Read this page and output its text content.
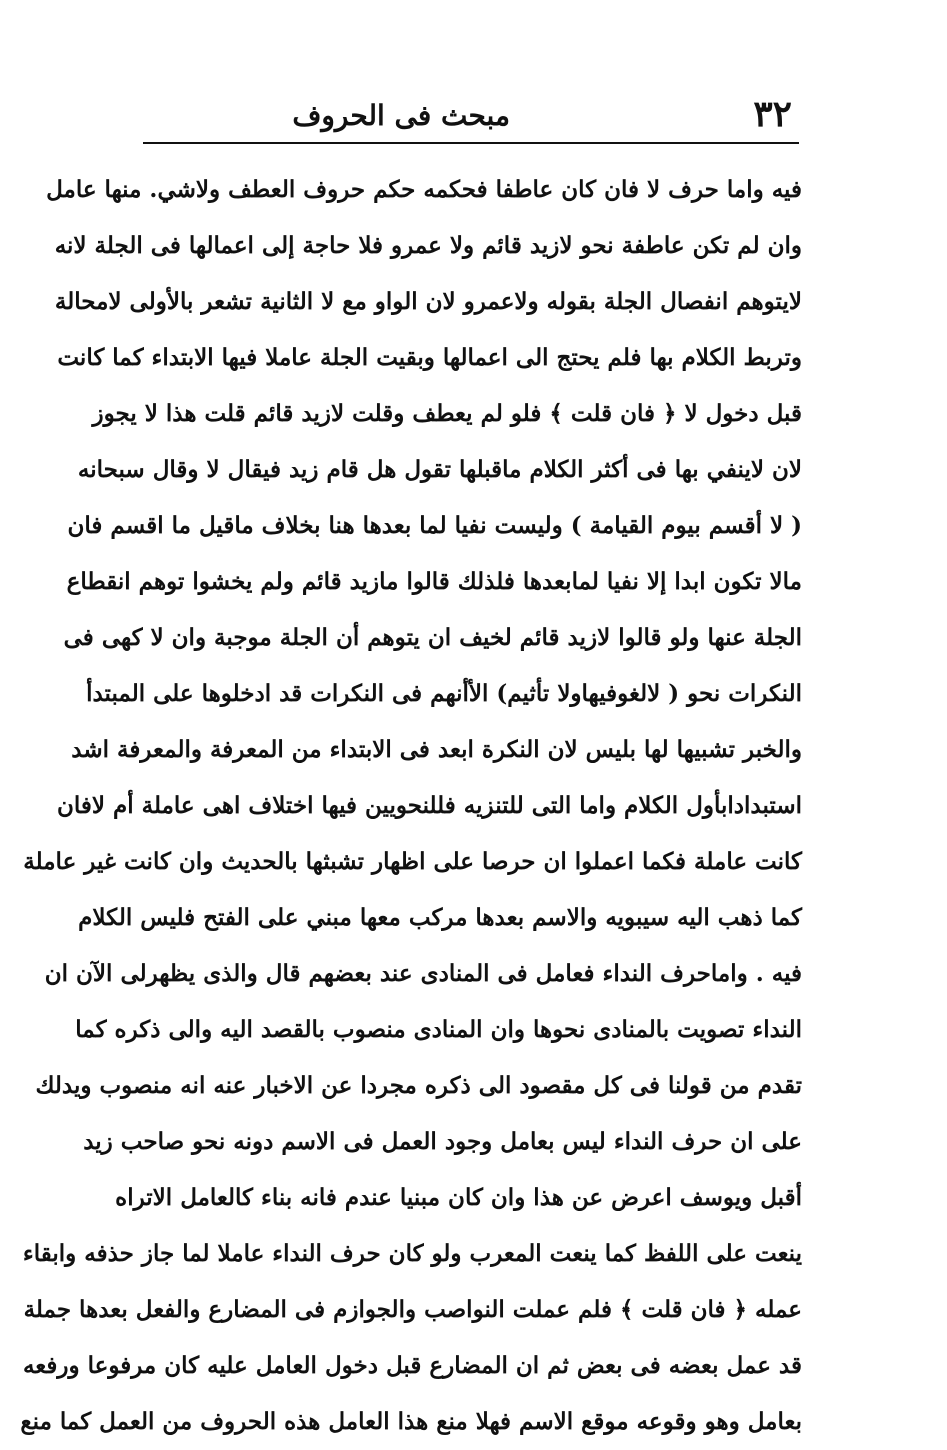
٣٢
مبحث فى الحروف
فيه واما حرف لا فان كان عاطفا فحكمه حكم حروف العطف ولاشي. منها عامل
وان لم تكن عاطفة نحو لازيد قائم ولا عمرو فلا حاجة إلى اعمالها فى الجلة لانه
لايتوهم انفصال الجلة بقوله ولاعمرو لان الواو مع لا الثانية تشعر بالأولى لامحالة
وتربط الكلام بها فلم يحتج الى اعمالها وبقيت الجلة عاملا فيها الابتداء كما كانت
قبل دخول لا ﴿ فان قلت ﴾ فلو لم يعطف وقلت لازيد قائم قلت هذا لا يجوز
لان لاينفي بها فى أكثر الكلام ماقبلها تقول هل قام زيد فيقال لا وقال سبحانه
( لا أقسم بيوم القيامة ) وليست نفيا لما بعدها هنا بخلاف ماقيل ما اقسم فان
مالا تكون ابدا إلا نفيا لمابعدها فلذلك قالوا مازيد قائم ولم يخشوا توهم انقطاع
الجلة عنها ولو قالوا لازيد قائم لخيف ان يتوهم أن الجلة موجبة وان لا كهى فى
النكرات نحو ( لالغوفيهاولا تأثيم) الأأنهم فى النكرات قد ادخلوها على المبتدأ
والخبر تشبيها لها بليس لان النكرة ابعد فى الابتداء من المعرفة والمعرفة اشد
استبدادابأول الكلام واما التى للتنزيه فللنحويين فيها اختلاف اهى عاملة أم لافان
كانت عاملة فكما اعملوا ان حرصا على اظهار تشبثها بالحديث وان كانت غير عاملة
كما ذهب اليه سيبويه والاسم بعدها مركب معها مبني على الفتح فليس الكلام
فيه . واماحرف النداء فعامل فى المنادى عند بعضهم قال والذى يظهرلى الآن ان
النداء تصويت بالمنادى نحوها وان المنادى منصوب بالقصد اليه والى ذكره كما
تقدم من قولنا فى كل مقصود الى ذكره مجردا عن الاخبار عنه انه منصوب ويدلك
على ان حرف النداء ليس بعامل وجود العمل فى الاسم دونه نحو صاحب زيد
أقبل ويوسف اعرض عن هذا وان كان مبنيا عندم فانه بناء كالعامل الاتراه
ينعت على اللفظ كما ينعت المعرب ولو كان حرف النداء عاملا لما جاز حذفه وابقاء
عمله ﴿ فان قلت ﴾ فلم عملت النواصب والجوازم فى المضارع والفعل بعدها جملة
قد عمل بعضه فى بعض ثم ان المضارع قبل دخول العامل عليه كان مرفوعا ورفعه
بعامل وهو وقوعه موقع الاسم فهلا منع هذا العامل هذه الحروف من العمل كما منع
